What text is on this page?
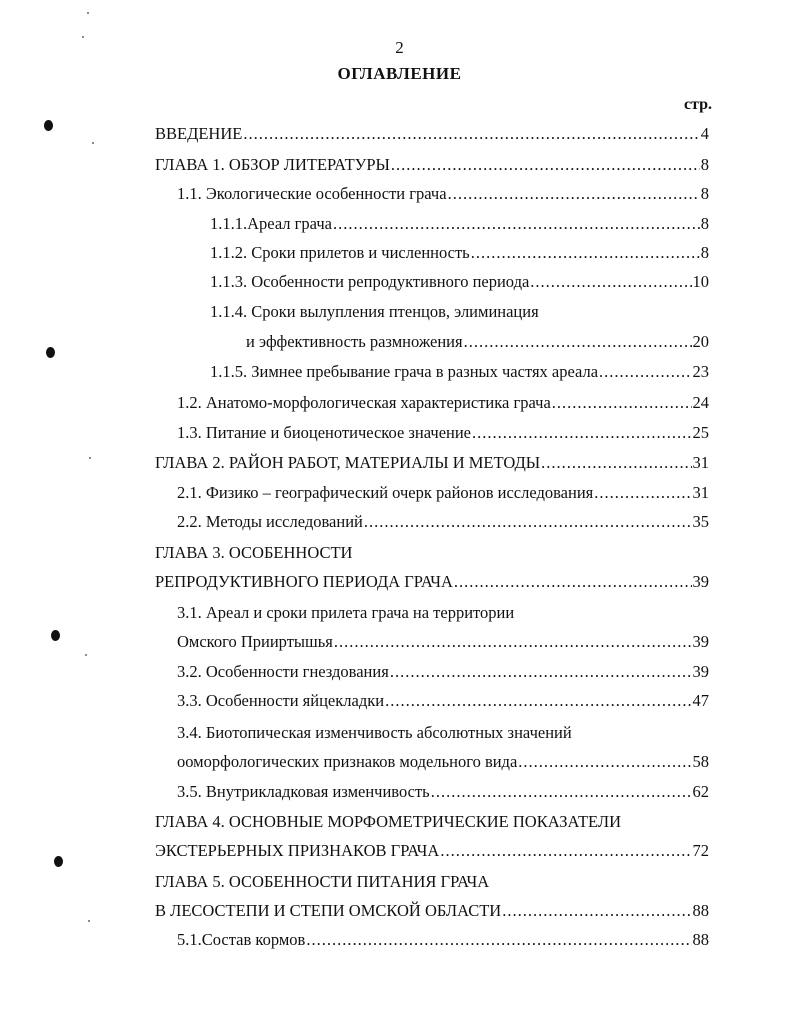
2
ОГЛАВЛЕНИЕ
стр.
ВВЕДЕНИЕ .....	4
ГЛАВА 1. ОБЗОР ЛИТЕРАТУРЫ .....	8
1.1. Экологические особенности грача .....	8
1.1.1.Ареал грача .....	8
1.1.2. Сроки прилетов и численность .....	8
1.1.3. Особенности репродуктивного периода .....	10
1.1.4. Сроки вылупления птенцов, элиминация
и эффективность размножения .....	20
1.1.5. Зимнее пребывание грача в разных частях ареала .....	23
1.2. Анатомо-морфологическая характеристика грача .....	24
1.3. Питание и биоценотическое значение .....	25
ГЛАВА 2. РАЙОН РАБОТ, МАТЕРИАЛЫ И МЕТОДЫ .....	31
2.1. Физико – географический очерк районов исследования .....	31
2.2. Методы исследований .....	35
ГЛАВА 3. ОСОБЕННОСТИ
РЕПРОДУКТИВНОГО ПЕРИОДА ГРАЧА .....	39
3.1. Ареал и сроки прилета грача на территории
Омского Прииртышья .....	39
3.2. Особенности гнездования .....	39
3.3. Особенности яйцекладки .....	47
3.4. Биотопическая изменчивость абсолютных значений
ооморфологических признаков модельного вида .....	58
3.5. Внутрикладковая изменчивость .....	62
ГЛАВА 4. ОСНОВНЫЕ МОРФОМЕТРИЧЕСКИЕ ПОКАЗАТЕЛИ
ЭКСТЕРЬЕРНЫХ ПРИЗНАКОВ ГРАЧА .....	72
ГЛАВА 5. ОСОБЕННОСТИ ПИТАНИЯ ГРАЧА
В ЛЕСОСТЕПИ И СТЕПИ ОМСКОЙ ОБЛАСТИ .....	88
5.1.Состав кормов .....	88
